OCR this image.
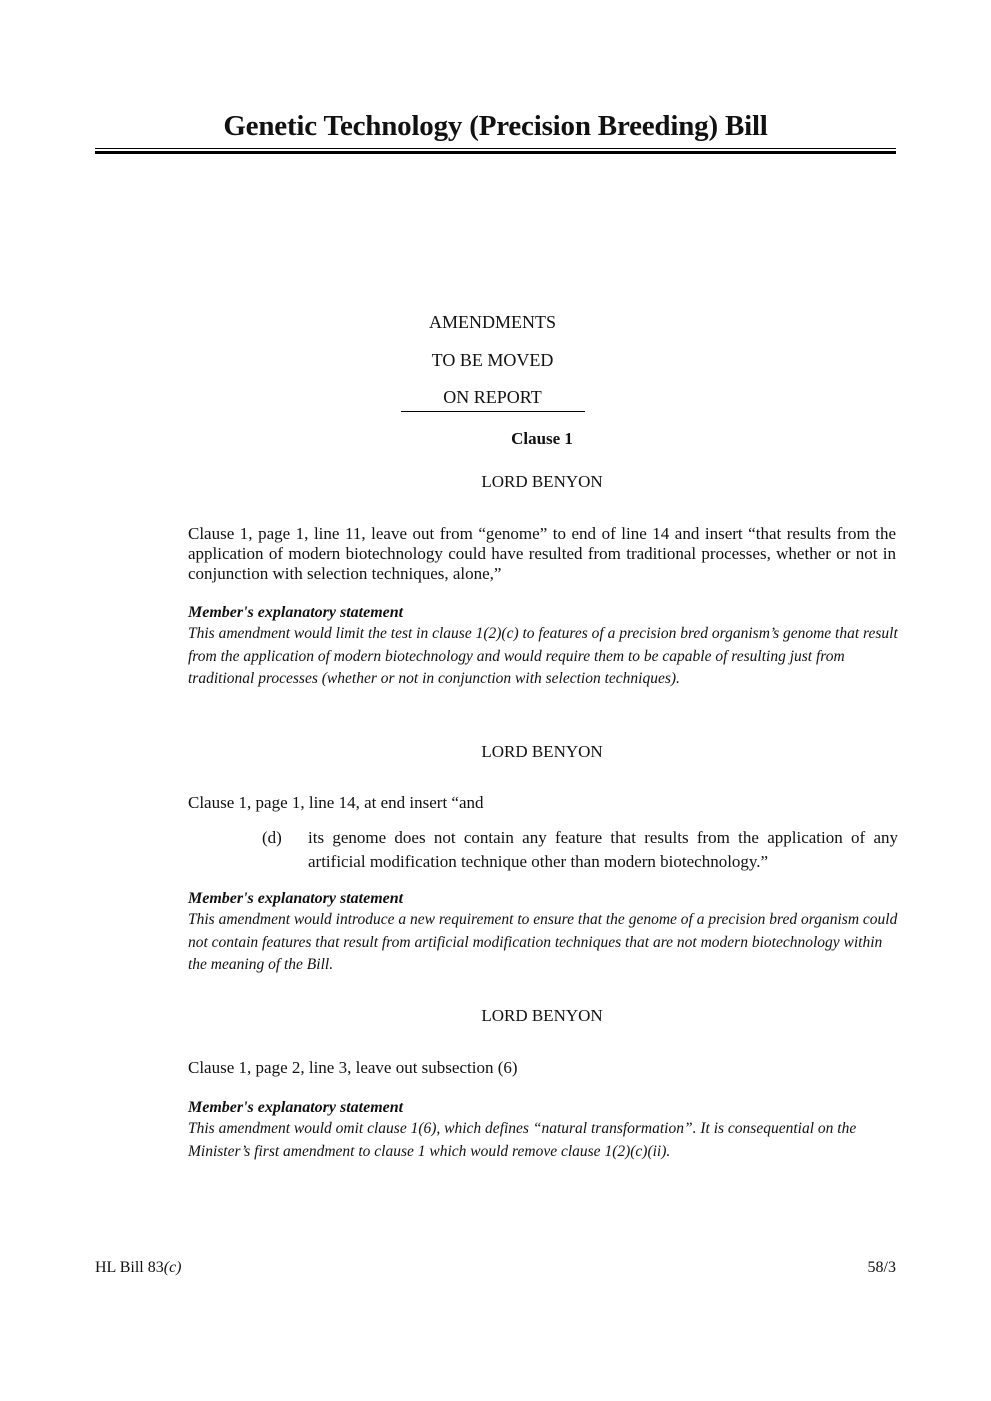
Genetic Technology (Precision Breeding) Bill
AMENDMENTS
TO BE MOVED
ON REPORT
Clause 1
LORD BENYON
Clause 1, page 1, line 11, leave out from “genome” to end of line 14 and insert “that results from the application of modern biotechnology could have resulted from traditional processes, whether or not in conjunction with selection techniques, alone,”
Member's explanatory statement
This amendment would limit the test in clause 1(2)(c) to features of a precision bred organism’s genome that result from the application of modern biotechnology and would require them to be capable of resulting just from traditional processes (whether or not in conjunction with selection techniques).
LORD BENYON
Clause 1, page 1, line 14, at end insert “and
(d) its genome does not contain any feature that results from the application of any artificial modification technique other than modern biotechnology.”
Member's explanatory statement
This amendment would introduce a new requirement to ensure that the genome of a precision bred organism could not contain features that result from artificial modification techniques that are not modern biotechnology within the meaning of the Bill.
LORD BENYON
Clause 1, page 2, line 3, leave out subsection (6)
Member's explanatory statement
This amendment would omit clause 1(6), which defines “natural transformation”. It is consequential on the Minister’s first amendment to clause 1 which would remove clause 1(2)(c)(ii).
HL Bill 83(c)	58/3
